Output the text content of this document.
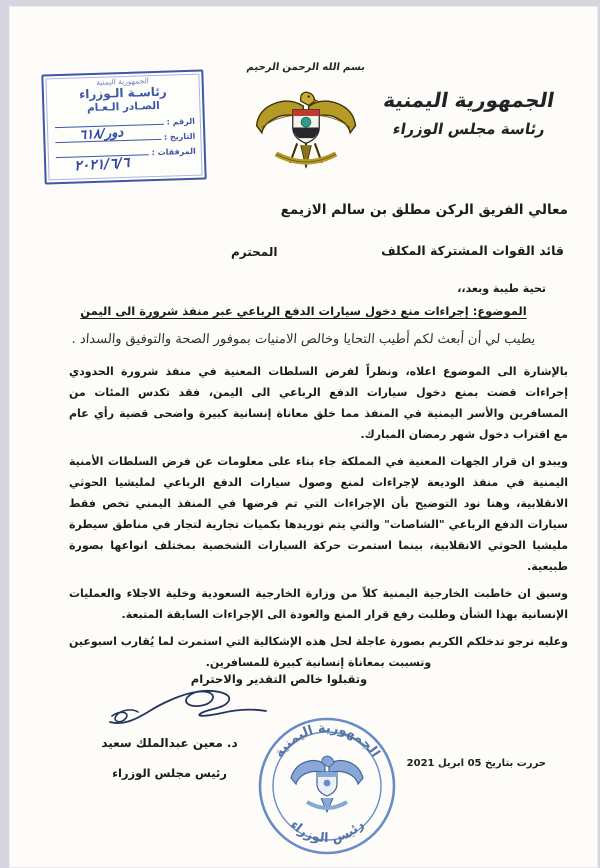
الجمهورية اليمنية
رئاسـة الـوزراء
الصـادر الـعـام
الرقم :
التاريخ :
المرفقات :
دور/٦١٨
٢٠٢١/٦/٦
بسم الله الرحمن الرحيم
الجمهورية اليمنية
رئاسة مجلس الوزراء
معالي الفريق الركن مطلق بن سالم الازيمع
قائد القوات المشتركة المكلف
المحترم
تحية طيبة وبعد،،
الموضوع: إجراءات منع دخول سيارات الدفع الرباعي عبر منفذ شرورة الى اليمن
يطيب لي أن أبعث لكم أطيب التحايا وخالص الامنيات بموفور الصحة والتوفيق والسداد .

بالإشارة الى الموضوع اعلاه، ونظراً لفرض السلطات المعنية في منفذ شرورة الحدودي إجراءات قضت بمنع دخول سيارات الدفع الرباعي الى اليمن، فقد تكدس المئات من المسافرين والأسر اليمنية في المنفذ مما خلق معاناة إنسانية كبيرة واضحى قضية رأي عام مع اقتراب دخول شهر رمضان المبارك.

ويبدو ان قرار الجهات المعنية في المملكة جاء بناء على معلومات عن فرض السلطات الأمنية اليمنية في منفذ الوديعة لإجراءات لمنع وصول سيارات الدفع الرباعي لمليشيا الحوثي الانقلابية، وهنا نود التوضيح بأن الإجراءات التي تم فرضها في المنفذ اليمني تخص فقط سيارات الدفع الرباعي "الشاصات" والتي يتم توريدها بكميات تجارية لتجار في مناطق سيطرة مليشيا الحوثي الانقلابية، بينما استمرت حركة السيارات الشخصية بمختلف انواعها بصورة طبيعية.

وسبق ان خاطبت الخارجية اليمنية كلاً من وزارة الخارجية السعودية وخلية الاجلاء والعمليات الإنسانية بهذا الشأن وطلبت رفع قرار المنع والعودة الى الإجراءات السابقة المتبعة.

وعليه نرجو تدخلكم الكريم بصورة عاجلة لحل هذه الإشكالية التي استمرت لما يُقارب اسبوعين وتسببت بمعاناة إنسانية كبيرة للمسافرين.

وتقبلوا خالص التقدير والاحترام
د. معين عبدالملك سعيد
رئيس مجلس الوزراء
الجمهورية اليمنية
رئيس الوزراء
حررت بتاريخ 05 ابريل 2021
